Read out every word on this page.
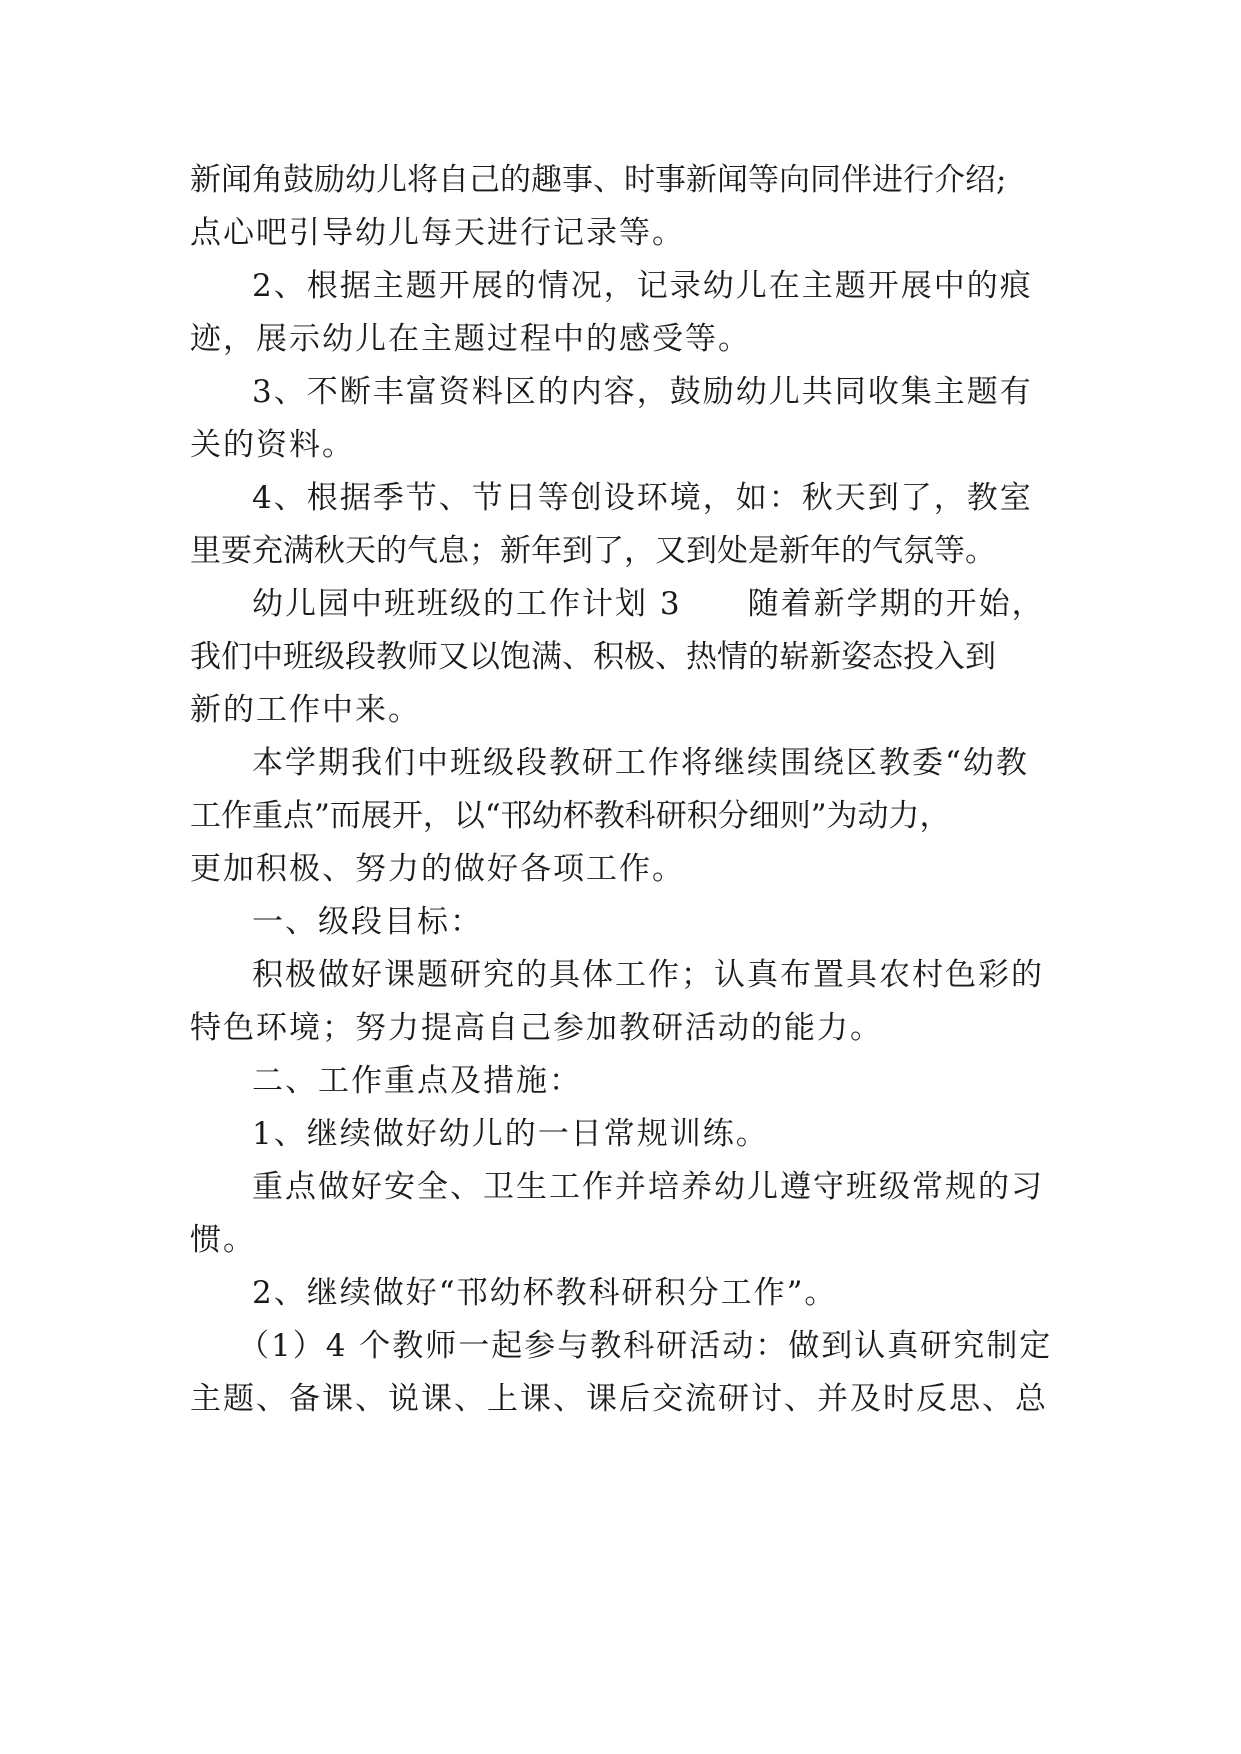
新闻角鼓励幼儿将自己的趣事、时事新闻等向同伴进行介绍;
点心吧引导幼儿每天进行记录等。
2、根据主题开展的情况，记录幼儿在主题开展中的痕
迹，展示幼儿在主题过程中的感受等。
3、不断丰富资料区的内容，鼓励幼儿共同收集主题有
关的资料。
4、根据季节、节日等创设环境，如：秋天到了，教室
里要充满秋天的气息；新年到了，又到处是新年的气氛等。
幼儿园中班班级的工作计划 3　　随着新学期的开始，
我们中班级段教师又以饱满、积极、热情的崭新姿态投入到
新的工作中来。
本学期我们中班级段教研工作将继续围绕区教委“幼教
工作重点”而展开，以“邗幼杯教科研积分细则”为动力，
更加积极、努力的做好各项工作。
一、级段目标：
积极做好课题研究的具体工作；认真布置具农村色彩的
特色环境；努力提高自己参加教研活动的能力。
二、工作重点及措施：
1、继续做好幼儿的一日常规训练。
重点做好安全、卫生工作并培养幼儿遵守班级常规的习
惯。
2、继续做好“邗幼杯教科研积分工作”。
（1）4 个教师一起参与教科研活动：做到认真研究制定
主题、备课、说课、上课、课后交流研讨、并及时反思、总
